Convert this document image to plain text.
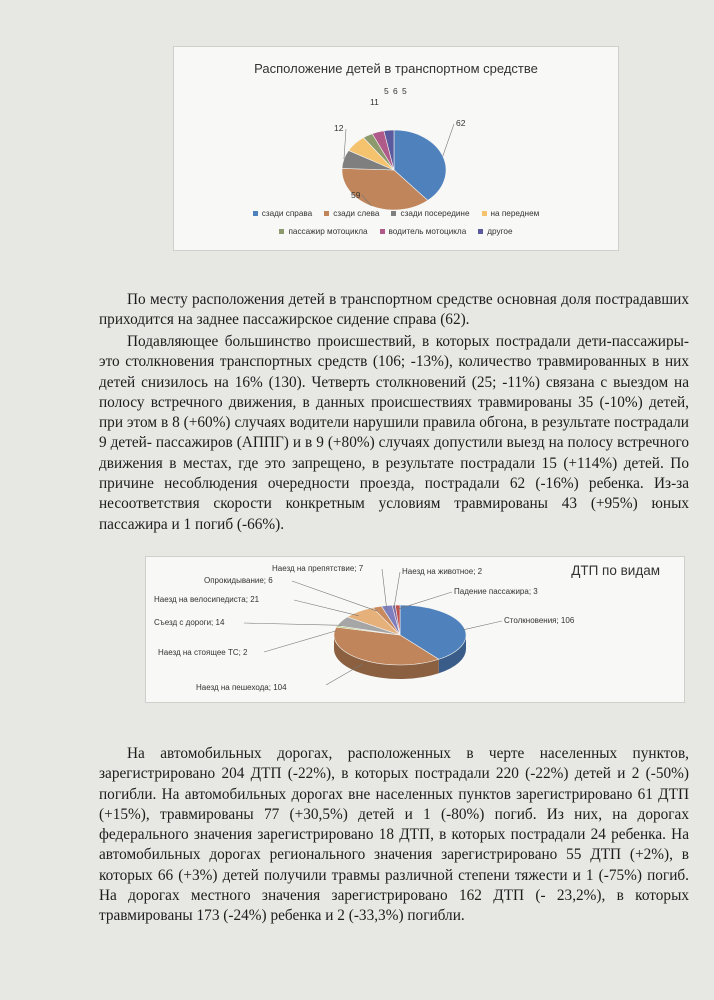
Расположение детей в транспортном средстве
62
59
12
11
5 6 5
сзади справа	сзади слева	сзади посередине	на переднем
пассажир мотоцикла	водитель мотоцикла	другое

По месту расположения детей в транспортном средстве основная доля пострадавших приходится на заднее пассажирское сидение справа (62).

Подавляющее большинство происшествий, в которых пострадали дети-пассажиры- это столкновения транспортных средств (106; -13%), количество травмированных в них детей снизилось на 16% (130). Четверть столкновений (25; -11%) связана с выездом на полосу встречного движения, в данных происшествиях травмированы 35 (-10%) детей, при этом в 8 (+60%) случаях водители нарушили правила обгона, в результате пострадали 9 детей- пассажиров (АППГ) и в 9 (+80%) случаях допустили выезд на полосу встречного движения в местах, где это запрещено, в результате пострадали 15 (+114%) детей. По причине несоблюдения очередности проезда, пострадали 62 (-16%) ребенка. Из-за несоответствия скорости конкретным условиям травмированы 43 (+95%) юных пассажира и 1 погиб (-66%).

ДТП по видам
Столкновения; 106
Наезд на пешехода; 104
Наезд на стоящее ТС; 2
Съезд с дороги; 14
Наезд на велосипедиста; 21
Опрокидывание; 6
Наезд на препятствие; 7	Наезд на животное; 2
Падение пассажира; 3

На автомобильных дорогах, расположенных в черте населенных пунктов, зарегистрировано 204 ДТП (-22%), в которых пострадали 220 (-22%) детей и 2 (-50%) погибли. На автомобильных дорогах вне населенных пунктов зарегистрировано 61 ДТП (+15%), травмированы 77 (+30,5%) детей и 1 (-80%) погиб. Из них, на дорогах федерального значения зарегистрировано 18 ДТП, в которых пострадали 24 ребенка. На автомобильных дорогах регионального значения зарегистрировано 55 ДТП (+2%), в которых 66 (+3%) детей получили травмы различной степени тяжести и 1 (-75%) погиб. На дорогах местного значения зарегистрировано 162 ДТП (- 23,2%), в которых травмированы 173 (-24%) ребенка и 2 (-33,3%) погибли.
